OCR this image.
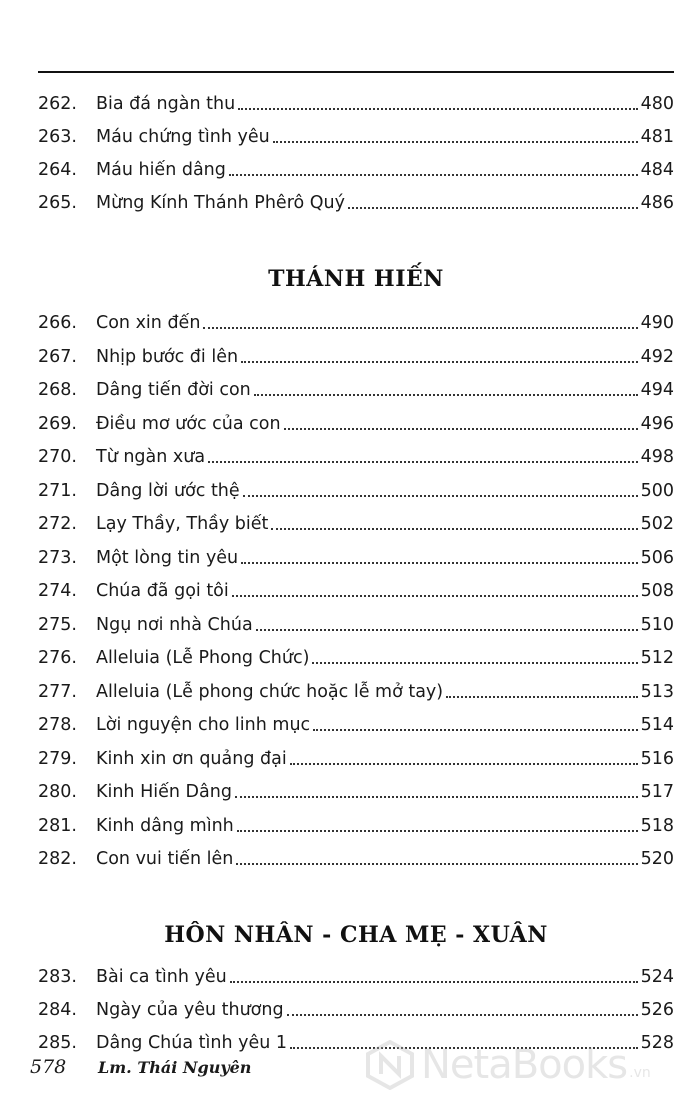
262.	Bia đá ngàn thu	480
263.	Máu chứng tình yêu	481
264.	Máu hiến dâng	484
265.	Mừng Kính Thánh Phêrô Quý	486
THÁNH HIẾN
266.	Con xin đến	490
267.	Nhịp bước đi lên	492
268.	Dâng tiến đời con	494
269.	Điều mơ ước của con	496
270.	Từ ngàn xưa	498
271.	Dâng lời ước thệ	500
272.	Lạy Thầy, Thầy biết	502
273.	Một lòng tin yêu	506
274.	Chúa đã gọi tôi	508
275.	Ngụ nơi nhà Chúa	510
276.	Alleluia (Lễ Phong Chức)	512
277.	Alleluia (Lễ phong chức hoặc lễ mở tay)	513
278.	Lời nguyện cho linh mục	514
279.	Kinh xin ơn quảng đại	516
280.	Kinh Hiến Dâng	517
281.	Kinh dâng mình	518
282.	Con vui tiến lên	520
HÔN NHÂN - CHA MẸ - XUÂN
283.	Bài ca tình yêu	524
284.	Ngày của yêu thương	526
285.	Dâng Chúa tình yêu 1	528
578 Lm. Thái Nguyên	NetaBooks .vn
